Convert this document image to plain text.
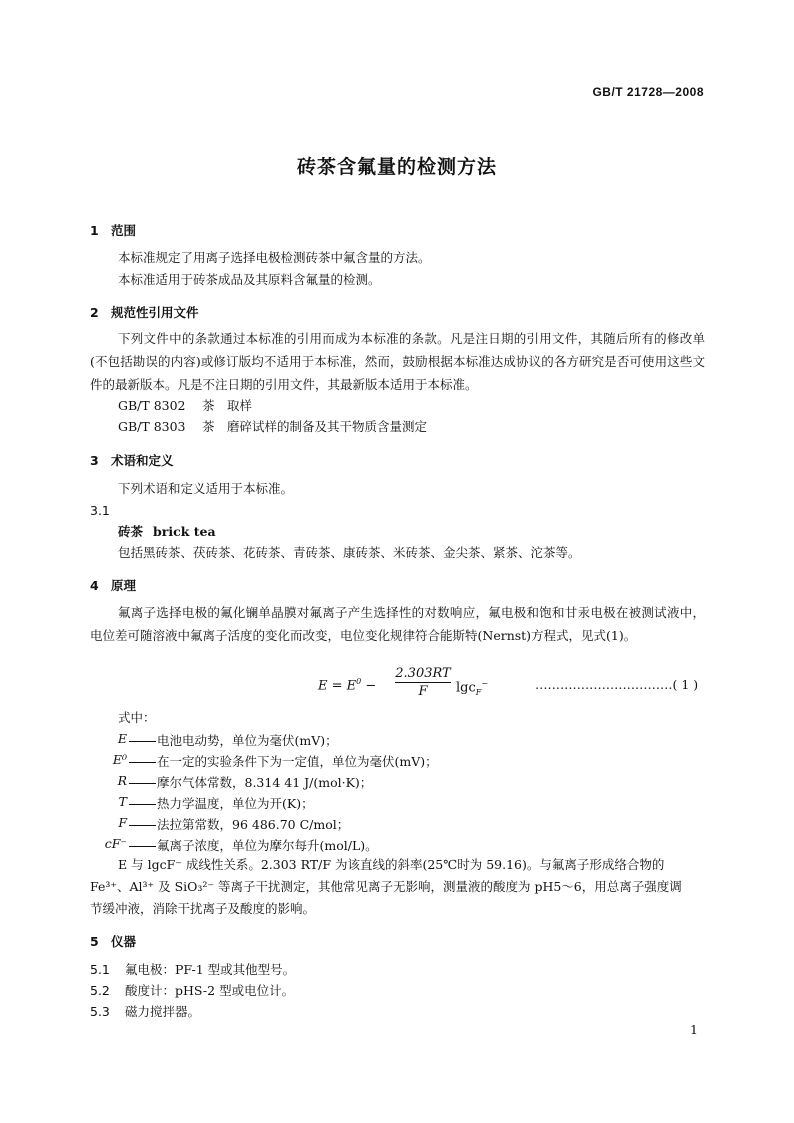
GB/T 21728—2008
砖茶含氟量的检测方法
1 范围
本标准规定了用离子选择电极检测砖茶中氟含量的方法。
本标准适用于砖茶成品及其原料含氟量的检测。
2 规范性引用文件
下列文件中的条款通过本标准的引用而成为本标准的条款。凡是注日期的引用文件，其随后所有的修改单(不包括勘误的内容)或修订版均不适用于本标准，然而，鼓励根据本标准达成协议的各方研究是否可使用这些文件的最新版本。凡是不注日期的引用文件，其最新版本适用于本标准。
GB/T 8302 茶　取样
GB/T 8303 茶　磨碎试样的制备及其干物质含量测定
3 术语和定义
下列术语和定义适用于本标准。
3.1
砖茶 brick tea
包括黑砖茶、茯砖茶、花砖茶、青砖茶、康砖茶、米砖茶、金尖茶、紧茶、沱茶等。
4 原理
氟离子选择电极的氟化镧单晶膜对氟离子产生选择性的对数响应，氟电极和饱和甘汞电极在被测试液中，电位差可随溶液中氟离子活度的变化而改变，电位变化规律符合能斯特(Nernst)方程式，见式(1)。
$E = E^0 - \frac{2.303RT}{F} \lg c_F^-$	……………………………( 1 )
式中：
E	电池电动势，单位为毫伏(mV)；
E⁰	在一定的实验条件下为一定值，单位为毫伏(mV)；
R	摩尔气体常数，8.314 41 J/(mol·K)；
T	热力学温度，单位为开(K)；
F	法拉第常数，96 486.70 C/mol；
cF⁻	氟离子浓度，单位为摩尔每升(mol/L)。
E 与 lgcF⁻ 成线性关系。2.303 RT/F 为该直线的斜率(25℃时为 59.16)。与氟离子形成络合物的
Fe³⁺、Al³⁺ 及 SiO₃²⁻ 等离子干扰测定，其他常见离子无影响，测量液的酸度为 pH5～6，用总离子强度调
节缓冲液，消除干扰离子及酸度的影响。
5 仪器
5.1 氟电极：PF-1 型或其他型号。
5.2 酸度计：pHS-2 型或电位计。
5.3 磁力搅拌器。
1
